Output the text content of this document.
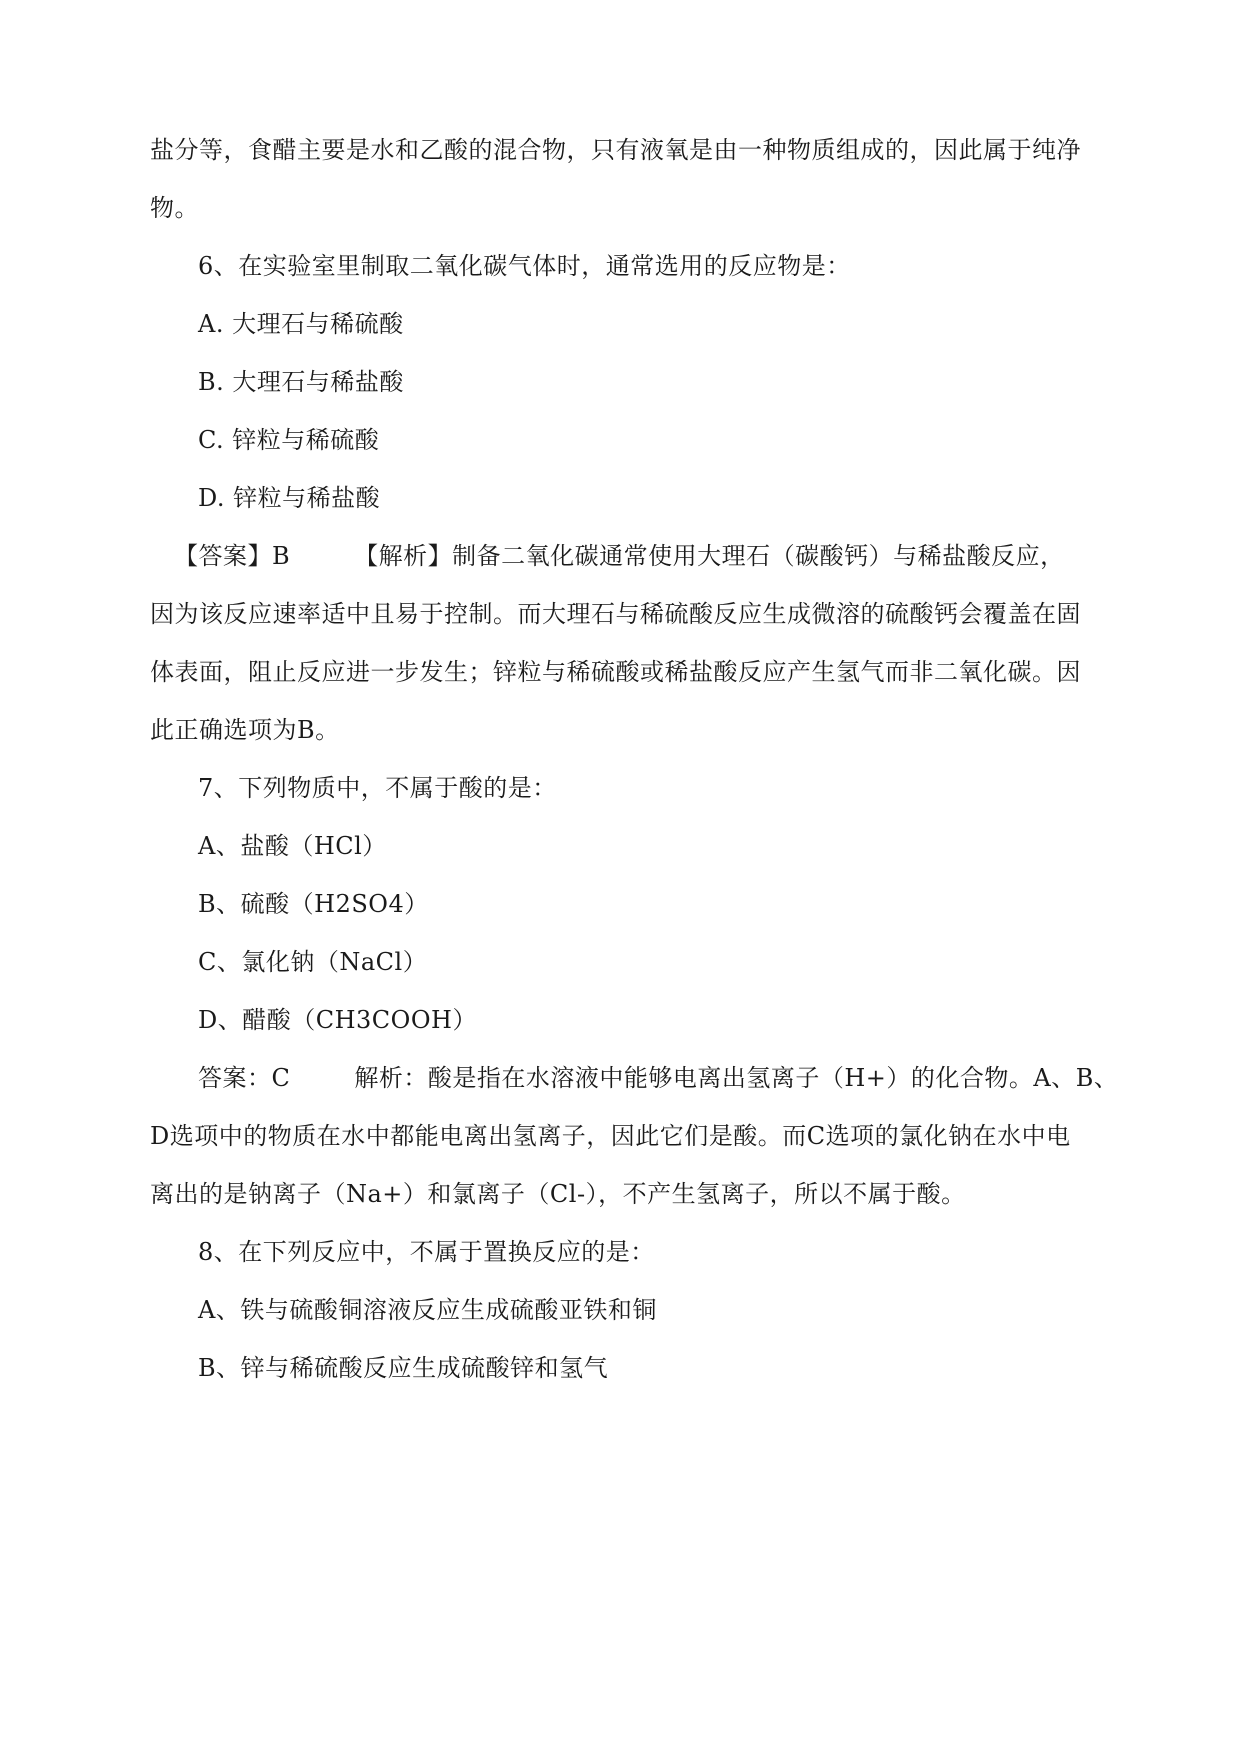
盐分等，食醋主要是水和乙酸的混合物，只有液氧是由一种物质组成的，因此属于纯净
物。
6、在实验室里制取二氧化碳气体时，通常选用的反应物是：
A. 大理石与稀硫酸
B. 大理石与稀盐酸
C. 锌粒与稀硫酸
D. 锌粒与稀盐酸
【答案】B	【解析】制备二氧化碳通常使用大理石（碳酸钙）与稀盐酸反应，
因为该反应速率适中且易于控制。而大理石与稀硫酸反应生成微溶的硫酸钙会覆盖在固
体表面，阻止反应进一步发生；锌粒与稀硫酸或稀盐酸反应产生氢气而非二氧化碳。因
此正确选项为B。
7、下列物质中，不属于酸的是：
A、盐酸（HCl）
B、硫酸（H2SO4）
C、氯化钠（NaCl）
D、醋酸（CH3COOH）
答案：C	解析：酸是指在水溶液中能够电离出氢离子（H+）的化合物。A、B、
D选项中的物质在水中都能电离出氢离子，因此它们是酸。而C选项的氯化钠在水中电
离出的是钠离子（Na+）和氯离子（Cl-），不产生氢离子，所以不属于酸。
8、在下列反应中，不属于置换反应的是：
A、铁与硫酸铜溶液反应生成硫酸亚铁和铜
B、锌与稀硫酸反应生成硫酸锌和氢气
